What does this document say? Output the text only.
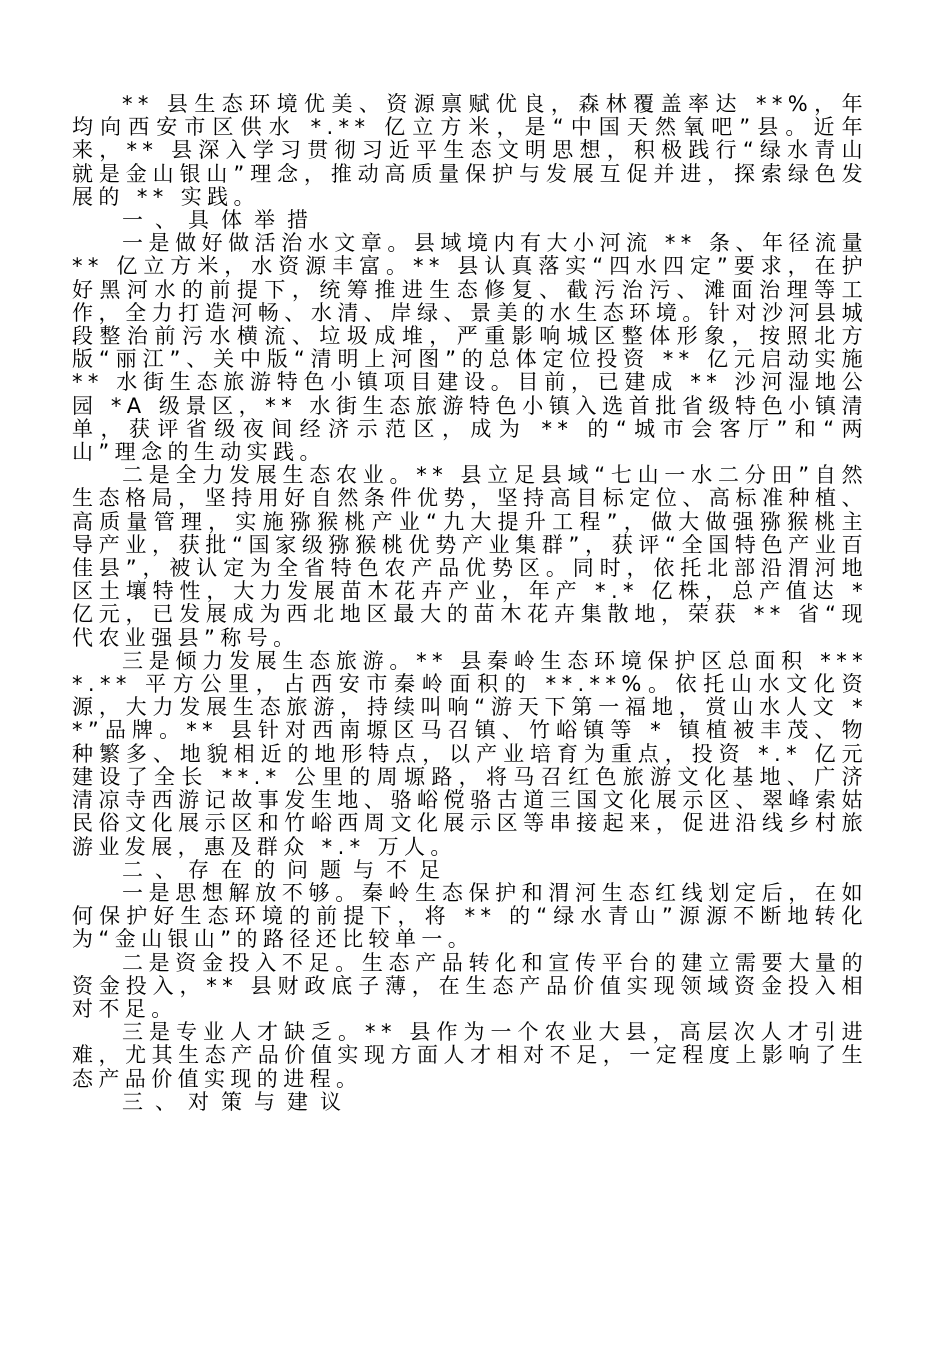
** 县生态环境优美、资源禀赋优良，森林覆盖率达 **%，年均向西安市区供水 *.** 亿立方米，是“中国天然氧吧”县。近年来，** 县深入学习贯彻习近平生态文明思想，积极践行“绿水青山就是金山银山”理念，推动高质量保护与发展互促并进，探索绿色发展的 ** 实践。

一、具体举措

一是做好做活治水文章。县域境内有大小河流 ** 条、年径流量 ** 亿立方米，水资源丰富。** 县认真落实“四水四定”要求，在护好黑河水的前提下，统筹推进生态修复、截污治污、滩面治理等工作，全力打造河畅、水清、岸绿、景美的水生态环境。针对沙河县城段整治前污水横流、垃圾成堆，严重影响城区整体形象，按照北方版“丽江”、关中版“清明上河图”的总体定位投资 ** 亿元启动实施 ** 水街生态旅游特色小镇项目建设。目前，已建成 ** 沙河湿地公园 *A 级景区，** 水街生态旅游特色小镇入选首批省级特色小镇清单，获评省级夜间经济示范区，成为 ** 的“城市会客厅”和“两山”理念的生动实践。

二是全力发展生态农业。** 县立足县域“七山一水二分田”自然生态格局，坚持用好自然条件优势，坚持高目标定位、高标准种植、高质量管理，实施猕猴桃产业“九大提升工程”，做大做强猕猴桃主导产业，获批“国家级猕猴桃优势产业集群”，获评“全国特色产业百佳县”，被认定为全省特色农产品优势区。同时，依托北部沿渭河地区土壤特性，大力发展苗木花卉产业，年产 *.* 亿株，总产值达 * 亿元，已发展成为西北地区最大的苗木花卉集散地，荣获 ** 省“现代农业强县”称号。

三是倾力发展生态旅游。** 县秦岭生态环境保护区总面积 ****.** 平方公里，占西安市秦岭面积的 **.**%。依托山水文化资源，大力发展生态旅游，持续叫响“游天下第一福地，赏山水人文 **”品牌。** 县针对西南塬区马召镇、竹峪镇等 * 镇植被丰茂、物种繁多、地貌相近的地形特点，以产业培育为重点，投资 *.* 亿元建设了全长 **.* 公里的周塬路，将马召红色旅游文化基地、广济清凉寺西游记故事发生地、骆峪傥骆古道三国文化展示区、翠峰索姑民俗文化展示区和竹峪西周文化展示区等串接起来，促进沿线乡村旅游业发展，惠及群众 *.* 万人。

二、存在的问题与不足

一是思想解放不够。秦岭生态保护和渭河生态红线划定后，在如何保护好生态环境的前提下，将 ** 的“绿水青山”源源不断地转化为“金山银山”的路径还比较单一。

二是资金投入不足。生态产品转化和宣传平台的建立需要大量的资金投入，** 县财政底子薄，在生态产品价值实现领域资金投入相对不足。

三是专业人才缺乏。** 县作为一个农业大县，高层次人才引进难，尤其生态产品价值实现方面人才相对不足，一定程度上影响了生态产品价值实现的进程。

三、对策与建议
